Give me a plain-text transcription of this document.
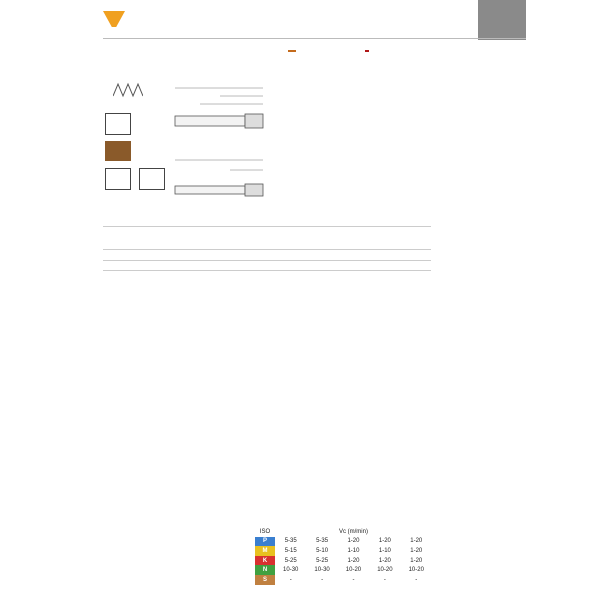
ISO	Vc (m/min)				
P	5-35	5-35	1-20	1-20	1-20
M	5-15	5-10	1-10	1-10	1-20
K	5-25	5-25	1-20	1-20	1-20
N	10-30	10-30	10-20	10-20	10-20
S	-	-	-	-	-
